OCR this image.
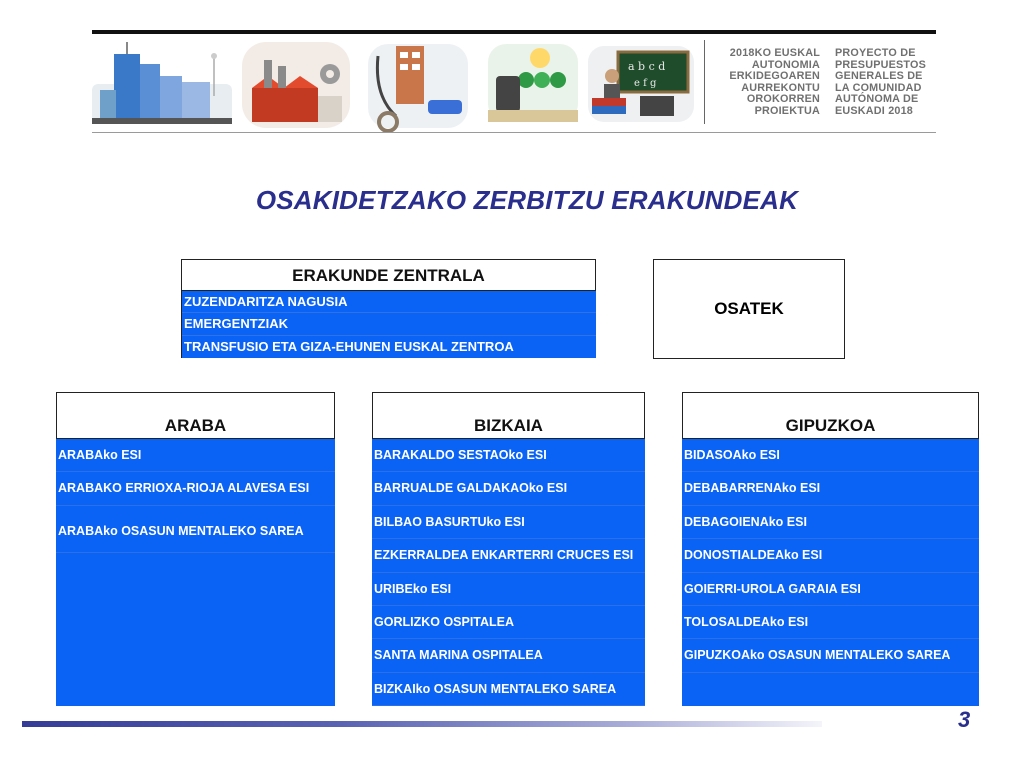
a b c d
e f g
2018KO EUSKAL
AUTONOMIA
ERKIDEGOAREN
AURREKONTU
OROKORREN
PROIEKTUA
PROYECTO DE
PRESUPUESTOS
GENERALES DE
LA COMUNIDAD
AUTÓNOMA DE
EUSKADI 2018
OSAKIDETZAKO ZERBITZU ERAKUNDEAK
ERAKUNDE ZENTRALA
ZUZENDARITZA NAGUSIA
EMERGENTZIAK
TRANSFUSIO ETA GIZA-EHUNEN EUSKAL ZENTROA
OSATEK
ARABA
ARABAko ESI
ARABAKO ERRIOXA-RIOJA ALAVESA ESI
ARABAko OSASUN MENTALEKO SAREA
BIZKAIA
BARAKALDO SESTAOko ESI
BARRUALDE GALDAKAOko ESI
BILBAO BASURTUko ESI
EZKERRALDEA ENKARTERRI CRUCES ESI
URIBEko ESI
GORLIZKO OSPITALEA
SANTA MARINA OSPITALEA
BIZKAIko OSASUN MENTALEKO SAREA
GIPUZKOA
BIDASOAko ESI
DEBABARRENAko ESI
DEBAGOIENAko ESI
DONOSTIALDEAko ESI
GOIERRI-UROLA GARAIA ESI
TOLOSALDEAko ESI
GIPUZKOAko OSASUN MENTALEKO SAREA
3
